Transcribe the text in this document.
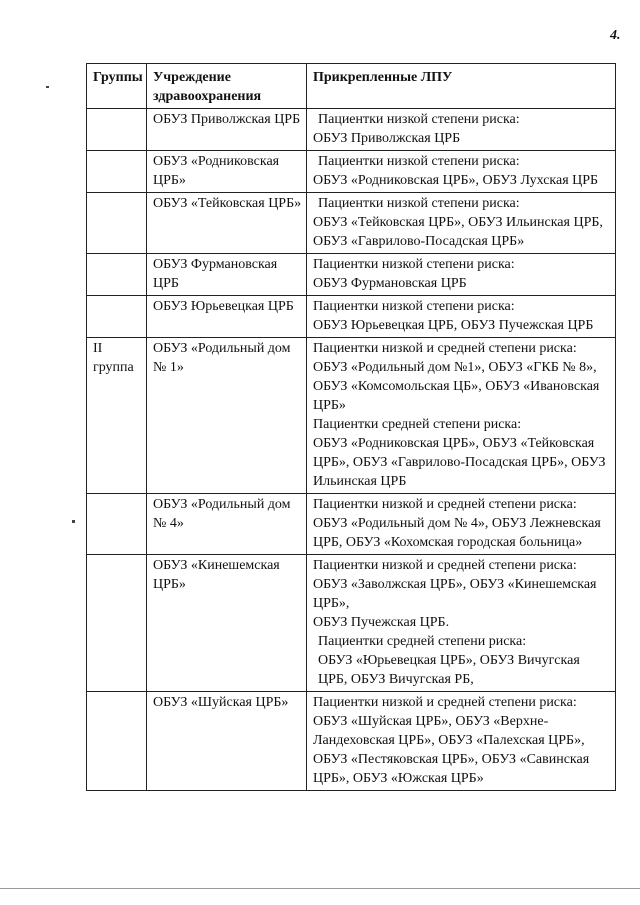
4.
Группы	Учреждение здравоохранения	Прикрепленные ЛПУ
	ОБУЗ Приволжская ЦРБ	Пациентки низкой степени риска:

ОБУЗ Приволжская ЦРБ

	ОБУЗ «Родниковская ЦРБ»	Пациентки низкой степени риска:

ОБУЗ «Родниковская ЦРБ», ОБУЗ Лухская ЦРБ

	ОБУЗ «Тейковская ЦРБ»	Пациентки низкой степени риска:

ОБУЗ «Тейковская ЦРБ», ОБУЗ Ильинская ЦРБ, ОБУЗ «Гаврилово-Посадская ЦРБ»

	ОБУЗ Фурмановская ЦРБ	Пациентки низкой степени риска:

ОБУЗ Фурмановская ЦРБ

	ОБУЗ Юрьевецкая ЦРБ	Пациентки низкой степени риска:

ОБУЗ Юрьевецкая ЦРБ, ОБУЗ Пучежская ЦРБ

II группа	ОБУЗ «Родильный дом № 1»	Пациентки низкой и средней степени риска:

ОБУЗ «Родильный дом №1», ОБУЗ «ГКБ № 8», ОБУЗ «Комсомольская ЦБ», ОБУЗ «Ивановская ЦРБ»

Пациентки средней степени риска:

ОБУЗ «Родниковская ЦРБ», ОБУЗ «Тейковская ЦРБ», ОБУЗ «Гаврилово-Посадская ЦРБ», ОБУЗ Ильинская ЦРБ

	ОБУЗ «Родильный дом № 4»	Пациентки низкой и средней степени риска:

ОБУЗ «Родильный дом № 4», ОБУЗ Лежневская ЦРБ, ОБУЗ «Кохомская городская больница»

	ОБУЗ «Кинешемская ЦРБ»	Пациентки низкой и средней степени риска:

ОБУЗ «Заволжская ЦРБ», ОБУЗ «Кинешемская ЦРБ»,

ОБУЗ Пучежская ЦРБ.

Пациентки средней степени риска:

ОБУЗ «Юрьевецкая ЦРБ», ОБУЗ Вичугская ЦРБ, ОБУЗ Вичугская РБ,

	ОБУЗ «Шуйская ЦРБ»	Пациентки низкой и средней степени риска:

ОБУЗ «Шуйская ЦРБ», ОБУЗ «Верхне-Ландеховская ЦРБ», ОБУЗ «Палехская ЦРБ», ОБУЗ «Пестяковская ЦРБ», ОБУЗ «Савинская ЦРБ», ОБУЗ «Южская ЦРБ»
